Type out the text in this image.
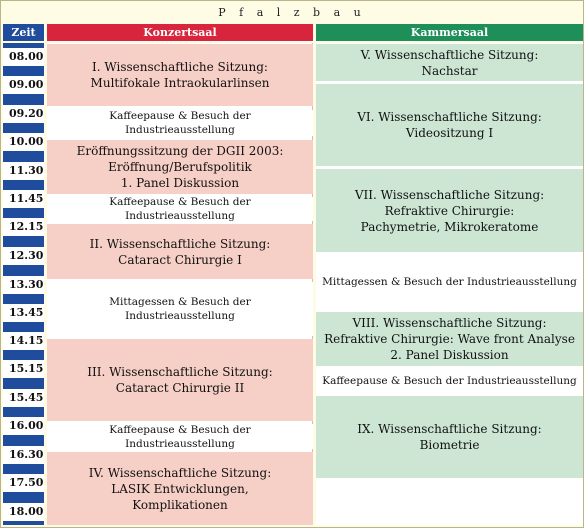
P f a l z b a u
Zeit	Konzertsaal	Kammersaal
08.00
09.00
09.20
10.00
11.30
11.45
12.15
12.30
13.30
13.45
14.15
15.15
15.45
16.00
16.30
17.50
18.00
I. Wissenschaftliche Sitzung:
Multifokale Intraokularlinsen
Kaffeepause & Besuch der Industrieausstellung
Eröffnungssitzung der DGII 2003:
Eröffnung/Berufspolitik
1. Panel Diskussion
Kaffeepause & Besuch der Industrieausstellung
II. Wissenschaftliche Sitzung:
Cataract Chirurgie I
Mittagessen & Besuch der Industrieausstellung
III. Wissenschaftliche Sitzung:
Cataract Chirurgie II
Kaffeepause & Besuch der Industrieausstellung
IV. Wissenschaftliche Sitzung:
LASIK Entwicklungen,
Komplikationen
V. Wissenschaftliche Sitzung:
Nachstar
VI. Wissenschaftliche Sitzung:
Videositzung I
VII. Wissenschaftliche Sitzung:
Refraktive Chirurgie:
Pachymetrie, Mikrokeratome
Mittagessen & Besuch der Industrieausstellung
VIII. Wissenschaftliche Sitzung:
Refraktive Chirurgie: Wave front Analyse
2. Panel Diskussion
Kaffeepause & Besuch der Industrieausstellung
IX. Wissenschaftliche Sitzung:
Biometrie
